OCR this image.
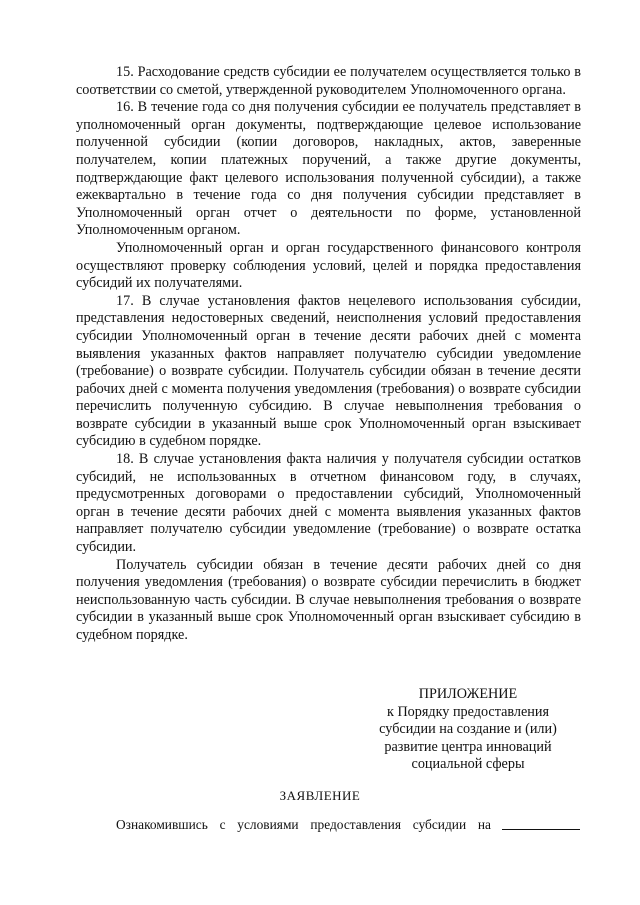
15. Расходование средств субсидии ее получателем осуществляется только в соответствии со сметой, утвержденной руководителем Уполномоченного органа.

16. В течение года со дня получения субсидии ее получатель представляет в уполномоченный орган документы, подтверждающие целевое использование полученной субсидии (копии договоров, накладных, актов, заверенные получателем, копии платежных поручений, а также другие документы, подтверждающие факт целевого использования полученной субсидии), а также ежеквартально в течение года со дня получения субсидии представляет в Уполномоченный орган отчет о деятельности по форме, установленной Уполномоченным органом.

Уполномоченный орган и орган государственного финансового контроля осуществляют проверку соблюдения условий, целей и порядка предоставления субсидий их получателями.

17. В случае установления фактов нецелевого использования субсидии, представления недостоверных сведений, неисполнения условий предоставления субсидии Уполномоченный орган в течение десяти рабочих дней с момента выявления указанных фактов направляет получателю субсидии уведомление (требование) о возврате субсидии. Получатель субсидии обязан в течение десяти рабочих дней с момента получения уведомления (требования) о возврате субсидии перечислить полученную субсидию. В случае невыполнения требования о возврате субсидии в указанный выше срок Уполномоченный орган взыскивает субсидию в судебном порядке.

18. В случае установления факта наличия у получателя субсидии остатков субсидий, не использованных в отчетном финансовом году, в случаях, предусмотренных договорами о предоставлении субсидий, Уполномоченный орган в течение десяти рабочих дней с момента выявления указанных фактов направляет получателю субсидии уведомление (требование) о возврате остатка субсидии.

Получатель субсидии обязан в течение десяти рабочих дней со дня получения уведомления (требования) о возврате субсидии перечислить в бюджет неиспользованную часть субсидии. В случае невыполнения требования о возврате субсидии в указанный выше срок Уполномоченный орган взыскивает субсидию в судебном порядке.

ПРИЛОЖЕНИЕ
к Порядку предоставления
субсидии на создание и (или)
развитие центра инноваций
социальной сферы
ЗАЯВЛЕНИЕ
Ознакомившись с условиями предоставления субсидии на
